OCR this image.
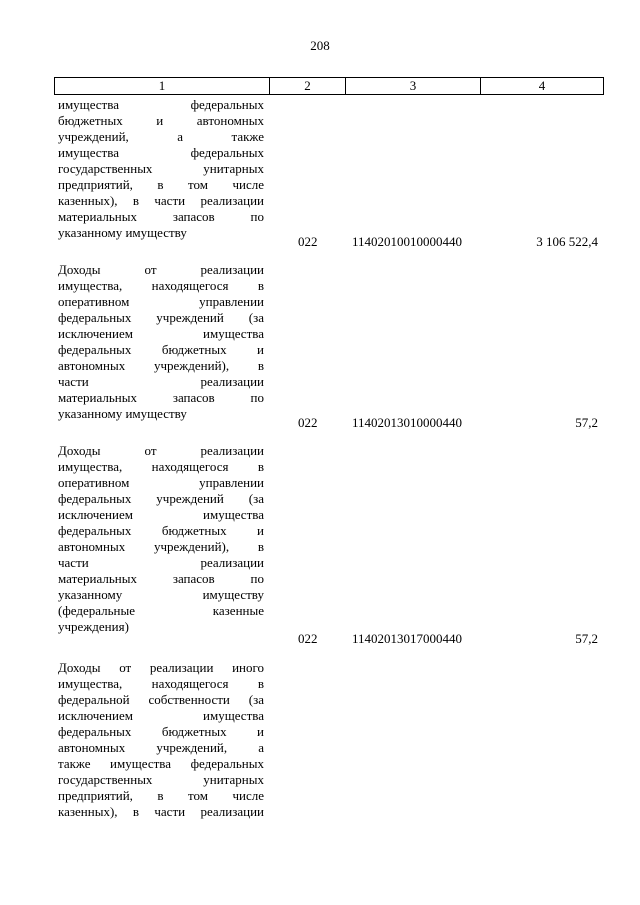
208
1	2	3	4
имущества федеральных
бюджетных и автономных
учреждений, а также
имущества федеральных
государственных унитарных
предприятий, в том числе
казенных), в части реализации
материальных запасов по
указанному имуществу
022	11402010010000440	3 106 522,4
Доходы от реализации
имущества, находящегося в
оперативном управлении
федеральных учреждений (за
исключением имущества
федеральных бюджетных и
автономных учреждений), в
части реализации
материальных запасов по
указанному имуществу
022	11402013010000440	57,2
Доходы от реализации
имущества, находящегося в
оперативном управлении
федеральных учреждений (за
исключением имущества
федеральных бюджетных и
автономных учреждений), в
части реализации
материальных запасов по
указанному имуществу
(федеральные казенные
учреждения)
022	11402013017000440	57,2
Доходы от реализации иного
имущества, находящегося в
федеральной собственности (за
исключением имущества
федеральных бюджетных и
автономных учреждений, а
также имущества федеральных
государственных унитарных
предприятий, в том числе
казенных), в части реализации
